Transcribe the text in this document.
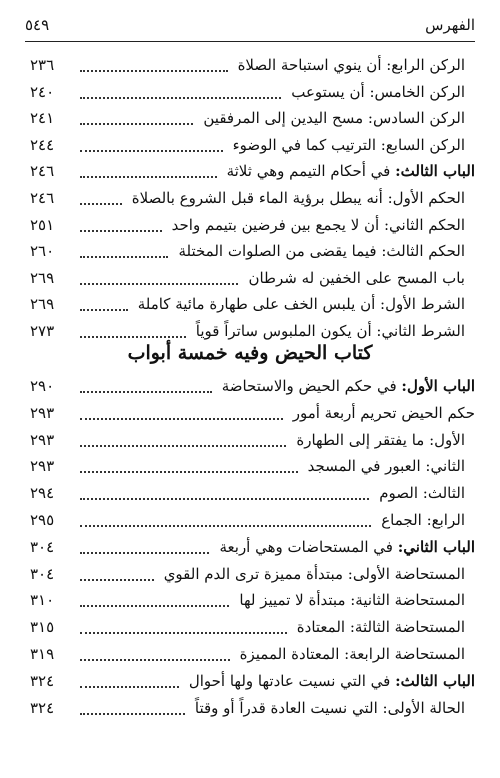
الفهرس
٥٤٩
كتاب الحيض وفيه خمسة أبواب
الركن الرابع: أن ينوي استباحة الصلاة
٢٣٦
الركن الخامس: أن يستوعب
٢٤٠
الركن السادس: مسح اليدين إلى المرفقين
٢٤١
الركن السابع: الترتيب كما في الوضوء
٢٤٤
الباب الثالث: في أحكام التيمم وهي ثلاثة
٢٤٦
الحكم الأول: أنه يبطل برؤية الماء قبل الشروع بالصلاة
٢٤٦
الحكم الثاني: أن لا يجمع بين فرضين بتيمم واحد
٢٥١
الحكم الثالث: فيما يقضى من الصلوات المختلة
٢٦٠
باب المسح على الخفين له شرطان
٢٦٩
الشرط الأول: أن يلبس الخف على طهارة مائية كاملة
٢٦٩
الشرط الثاني: أن يكون الملبوس ساتراً قوياً
٢٧٣
الباب الأول: في حكم الحيض والاستحاضة
٢٩٠
حكم الحيض تحريم أربعة أمور
٢٩٣
الأول: ما يفتقر إلى الطهارة
٢٩٣
الثاني: العبور في المسجد
٢٩٣
الثالث: الصوم
٢٩٤
الرابع: الجماع
٢٩٥
الباب الثاني: في المستحاضات وهي أربعة
٣٠٤
المستحاضة الأولى: مبتدأة مميزة ترى الدم القوي
٣٠٤
المستحاضة الثانية: مبتدأة لا تمييز لها
٣١٠
المستحاضة الثالثة: المعتادة
٣١٥
المستحاضة الرابعة: المعتادة المميزة
٣١٩
الباب الثالث: في التي نسيت عادتها ولها أحوال
٣٢٤
الحالة الأولى: التي نسيت العادة قدراً أو وقتاً
٣٢٤
